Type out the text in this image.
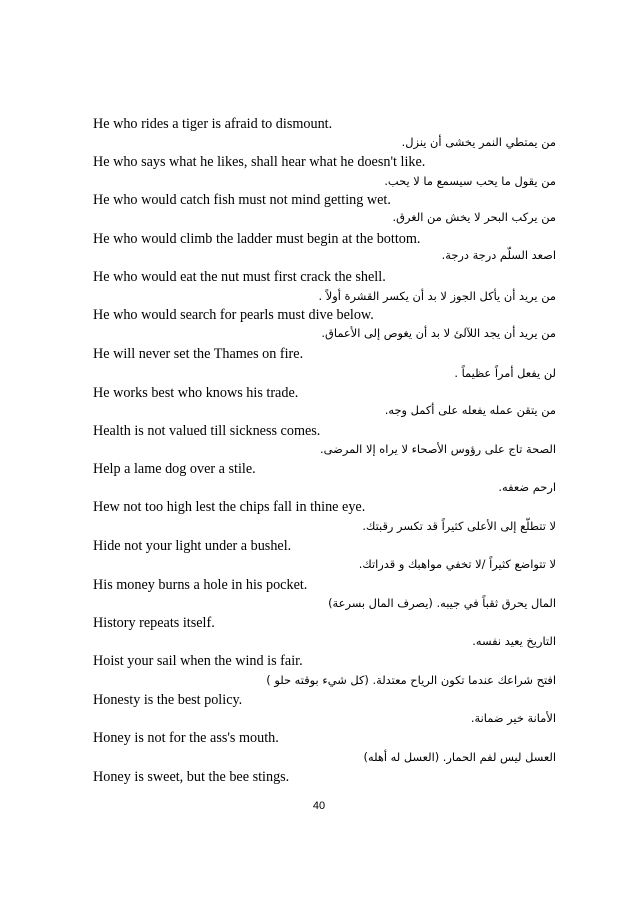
He who rides a tiger is afraid to dismount.
من يمتطي النمر يخشى أن ينزل.
He who says what he likes, shall hear what he doesn't like.
من يقول ما يحب سيسمع ما لا يحب.
He who would catch fish must not mind getting wet.
من يركب البحر لا يخش من الغرق.
He who would climb the ladder must begin at the bottom.
اصعد السلّم درجة درجة.
He who would eat the nut must first crack the shell.
من يريد أن يأكل الجوز لا بد أن يكسر القشرة أولاً .
He who would search for pearls must dive below.
من يريد أن يجد اللآلئ لا بد أن يغوص إلى الأعماق.
He will never set the Thames on fire.
لن يفعل أمراً عظيماً .
He works best who knows his trade.
من يتقن عمله يفعله على أكمل وجه.
Health is not valued till sickness comes.
الصحة تاج على رؤوس الأصحاء لا يراه إلا المرضى.
Help a lame dog over a stile.
ارحم ضعفه.
Hew not too high lest the chips fall in thine eye.
لا تتطلّع إلى الأعلى كثيراً قد تكسر رقبتك.
Hide not your light under a bushel.
لا تتواضع كثيراً /لا تخفي مواهبك و قدراتك.
His money burns a hole in his pocket.
المال يحرق ثقباً في جيبه. (يصرف المال بسرعة)
History repeats itself.
التاريخ يعيد نفسه.
Hoist your sail when the wind is fair.
افتح شراعك عندما تكون الرياح معتدلة. (كل شيء بوقته حلو )
Honesty is the best policy.
الأمانة خير ضمانة.
Honey is not for the ass's mouth.
العسل ليس لفم الحمار. (العسل له أهله)
Honey is sweet, but the bee stings.
40
